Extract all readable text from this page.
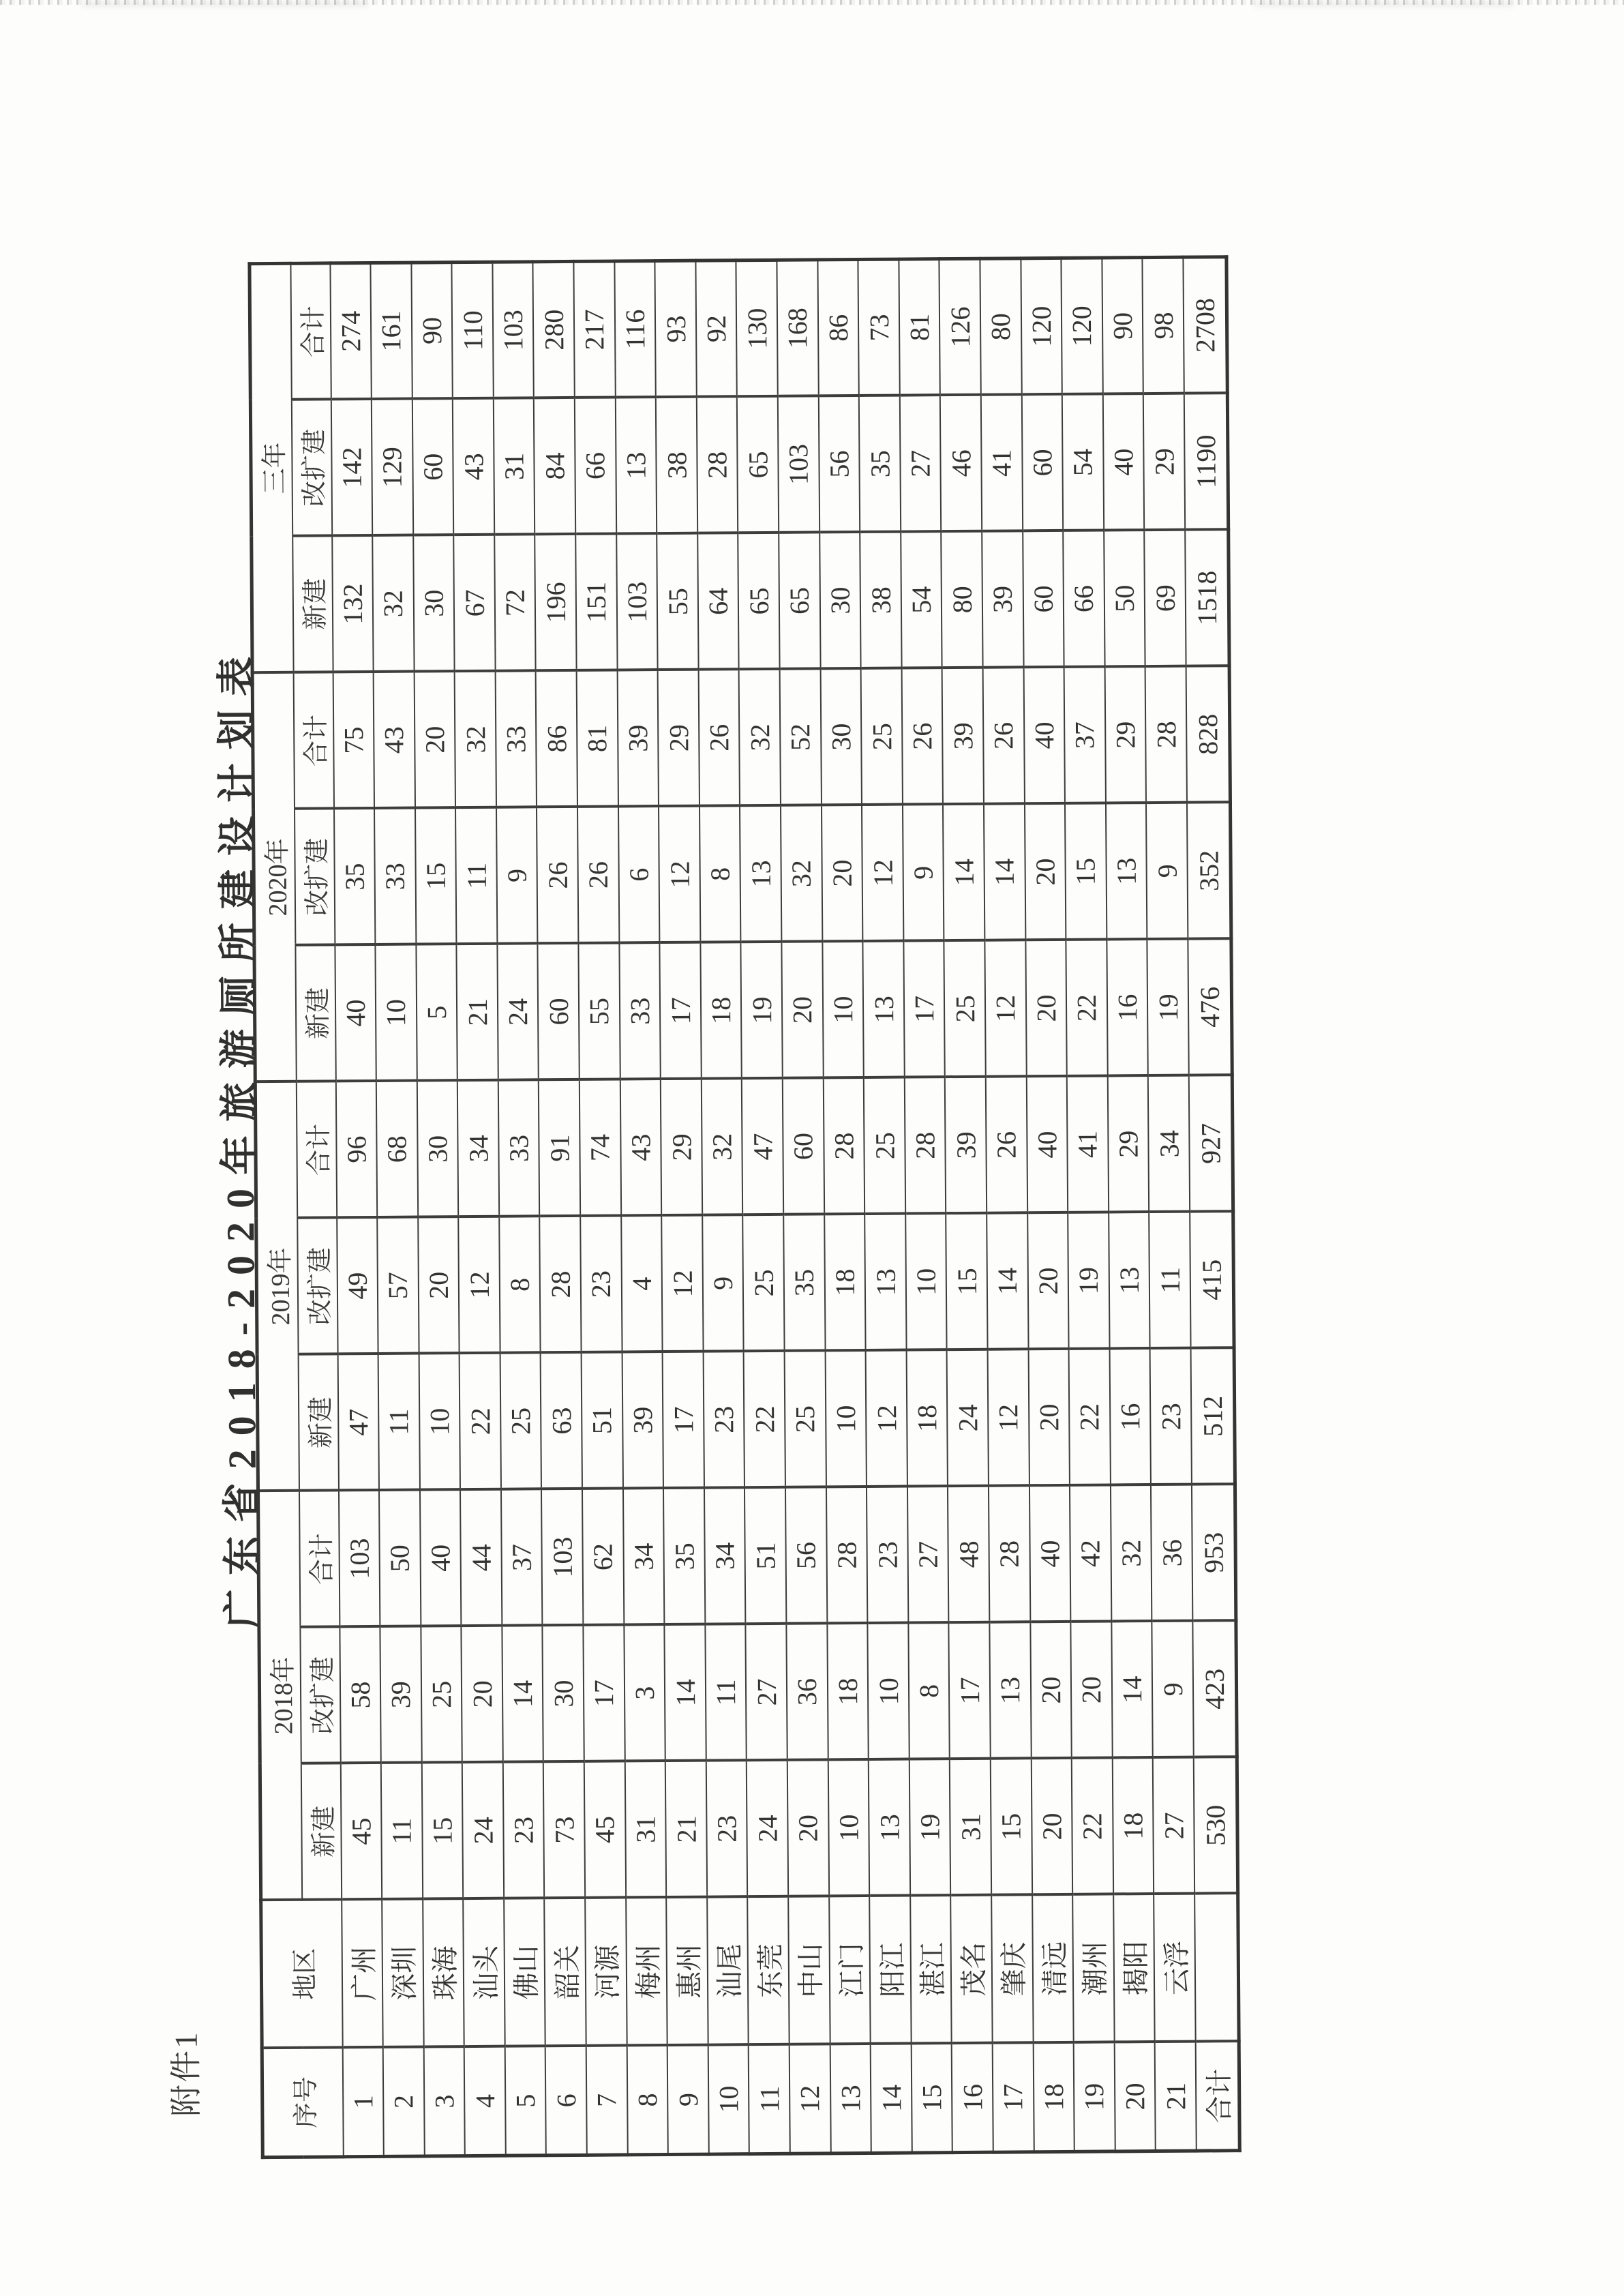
附件1
广东省2018-2020年旅游厕所建设计划表
序号	地区	2018年			2019年			2020年			三年		
		新建	改扩建	合计	新建	改扩建	合计	新建	改扩建	合计	新建	改扩建	合计
1	广州	45	58	103	47	49	96	40	35	75	132	142	274
2	深圳	11	39	50	11	57	68	10	33	43	32	129	161
3	珠海	15	25	40	10	20	30	5	15	20	30	60	90
4	汕头	24	20	44	22	12	34	21	11	32	67	43	110
5	佛山	23	14	37	25	8	33	24	9	33	72	31	103
6	韶关	73	30	103	63	28	91	60	26	86	196	84	280
7	河源	45	17	62	51	23	74	55	26	81	151	66	217
8	梅州	31	3	34	39	4	43	33	6	39	103	13	116
9	惠州	21	14	35	17	12	29	17	12	29	55	38	93
10	汕尾	23	11	34	23	9	32	18	8	26	64	28	92
11	东莞	24	27	51	22	25	47	19	13	32	65	65	130
12	中山	20	36	56	25	35	60	20	32	52	65	103	168
13	江门	10	18	28	10	18	28	10	20	30	30	56	86
14	阳江	13	10	23	12	13	25	13	12	25	38	35	73
15	湛江	19	8	27	18	10	28	17	9	26	54	27	81
16	茂名	31	17	48	24	15	39	25	14	39	80	46	126
17	肇庆	15	13	28	12	14	26	12	14	26	39	41	80
18	清远	20	20	40	20	20	40	20	20	40	60	60	120
19	潮州	22	20	42	22	19	41	22	15	37	66	54	120
20	揭阳	18	14	32	16	13	29	16	13	29	50	40	90
21	云浮	27	9	36	23	11	34	19	9	28	69	29	98
合计		530	423	953	512	415	927	476	352	828	1518	1190	2708
